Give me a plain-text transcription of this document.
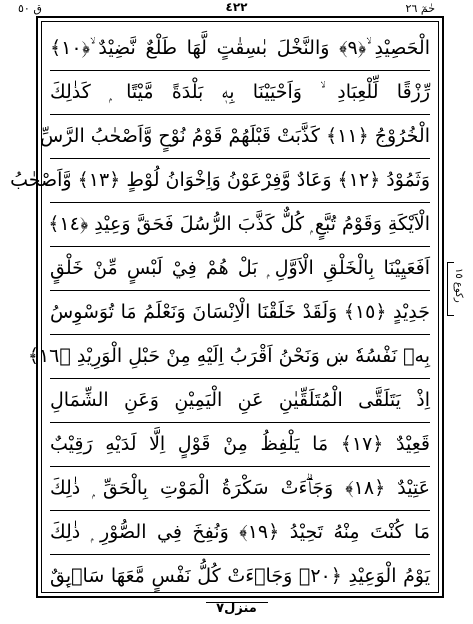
حٰمٓ ٢٦
٤٢٢
ق ٥٠
الْحَصِيْدِ ۙ﴿٩﴾ وَالنَّخْلَ بٰسِقٰتٍ لَّهَا طَلْعٌ نَّضِيْدٌ ۙ﴿١٠﴾
رِّزْقًا لِّلْعِبَادِ ۙ وَاَحْيَيْنَا بِهٖ بَلْدَةً مَّيْتًا ۭ كَذٰلِكَ
الْخُرُوْجُ ﴿١١﴾ كَذَّبَتْ قَبْلَهُمْ قَوْمُ نُوْحٍ وَّاَصْحٰبُ الرَّسِّ
وَثَمُوْدُ ﴿١٢﴾ وَعَادٌ وَّفِرْعَوْنُ وَاِخْوَانُ لُوْطٍ ﴿١٣﴾ وَّاَصْحٰبُ
الْاَيْكَةِ وَقَوْمُ تُبَّعٍ ۭ كُلٌّ كَذَّبَ الرُّسُلَ فَحَقَّ وَعِيْدِ ﴿١٤﴾
اَفَعَيِيْنَا بِالْخَلْقِ الْاَوَّلِ ۭ بَلْ هُمْ فِيْ لَبْسٍ مِّنْ خَلْقٍ
جَدِيْدٍ ﴿١٥﴾ وَلَقَدْ خَلَقْنَا الْاِنْسَانَ وَنَعْلَمُ مَا تُوَسْوِسُ
بِهٖ نَفْسُهٗ ښ وَنَحْنُ اَقْرَبُ اِلَيْهِ مِنْ حَبْلِ الْوَرِيْدِ ﴿١٦﴾
اِذْ يَتَلَقَّى الْمُتَلَقِّيٰنِ عَنِ الْيَمِيْنِ وَعَنِ الشِّمَالِ
قَعِيْدٌ ﴿١٧﴾ مَا يَلْفِظُ مِنْ قَوْلٍ اِلَّا لَدَيْهِ رَقِيْبٌ
عَتِيْدٌ ﴿١٨﴾ وَجَاۗءَتْ سَكْرَةُ الْمَوْتِ بِالْحَقِّ ۭ ذٰلِكَ
مَا كُنْتَ مِنْهُ تَحِيْدُ ﴿١٩﴾ وَنُفِخَ فِي الصُّوْرِ ۭ ذٰلِكَ
يَوْمُ الْوَعِيْدِ ﴿٢٠﴾ وَجَاۗءَتْ كُلُّ نَفْسٍ مَّعَهَا سَاۗىِٕقٌ
رکوع ١٥
منزل٧
